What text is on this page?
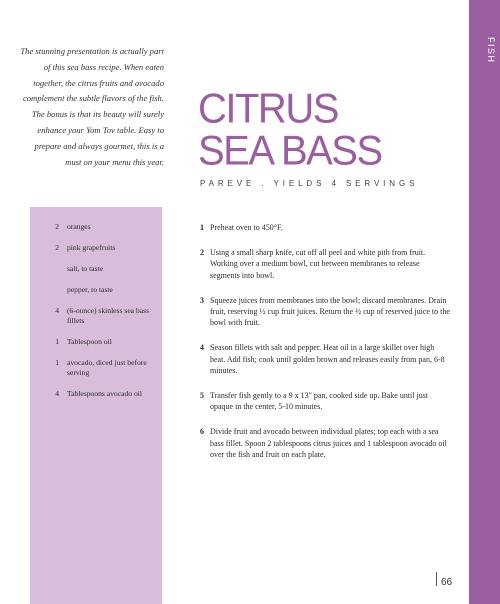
FISH
The stunning presentation is actually part of this sea bass recipe. When eaten together, the citrus fruits and avocado complement the subtle flavors of the fish. The bonus is that its beauty will surely enhance your Yom Tov table. Easy to prepare and always gourmet, this is a must on your menu this year.
CITRUS
SEA BASS
PAREVE . YIELDS 4 SERVINGS
2	oranges
2	pink grapefruits
salt, to taste
pepper, to taste
4	(6-ounce) skinless sea bass fillets
1	Tablespoon oil
1	avocado, diced just before serving
4	Tablespoons avocado oil
1 Preheat oven to 450°F.
2 Using a small sharp knife, cut off all peel and white pith from fruit. Working over a medium bowl, cut between membranes to release segments into bowl.
3 Squeeze juices from membranes into the bowl; discard membranes. Drain fruit, reserving ½ cup fruit juices. Return the ½ cup of reserved juice to the bowl with fruit.
4 Season fillets with salt and pepper. Heat oil in a large skillet over high heat. Add fish; cook until golden brown and releases easily from pan, 6-8 minutes.
5 Transfer fish gently to a 9 x 13" pan, cooked side up. Bake until just opaque in the center, 5-10 minutes.
6 Divide fruit and avocado between individual plates; top each with a sea bass fillet. Spoon 2 tablespoons citrus juices and 1 tablespoon avocado oil over the fish and fruit on each plate.
99
